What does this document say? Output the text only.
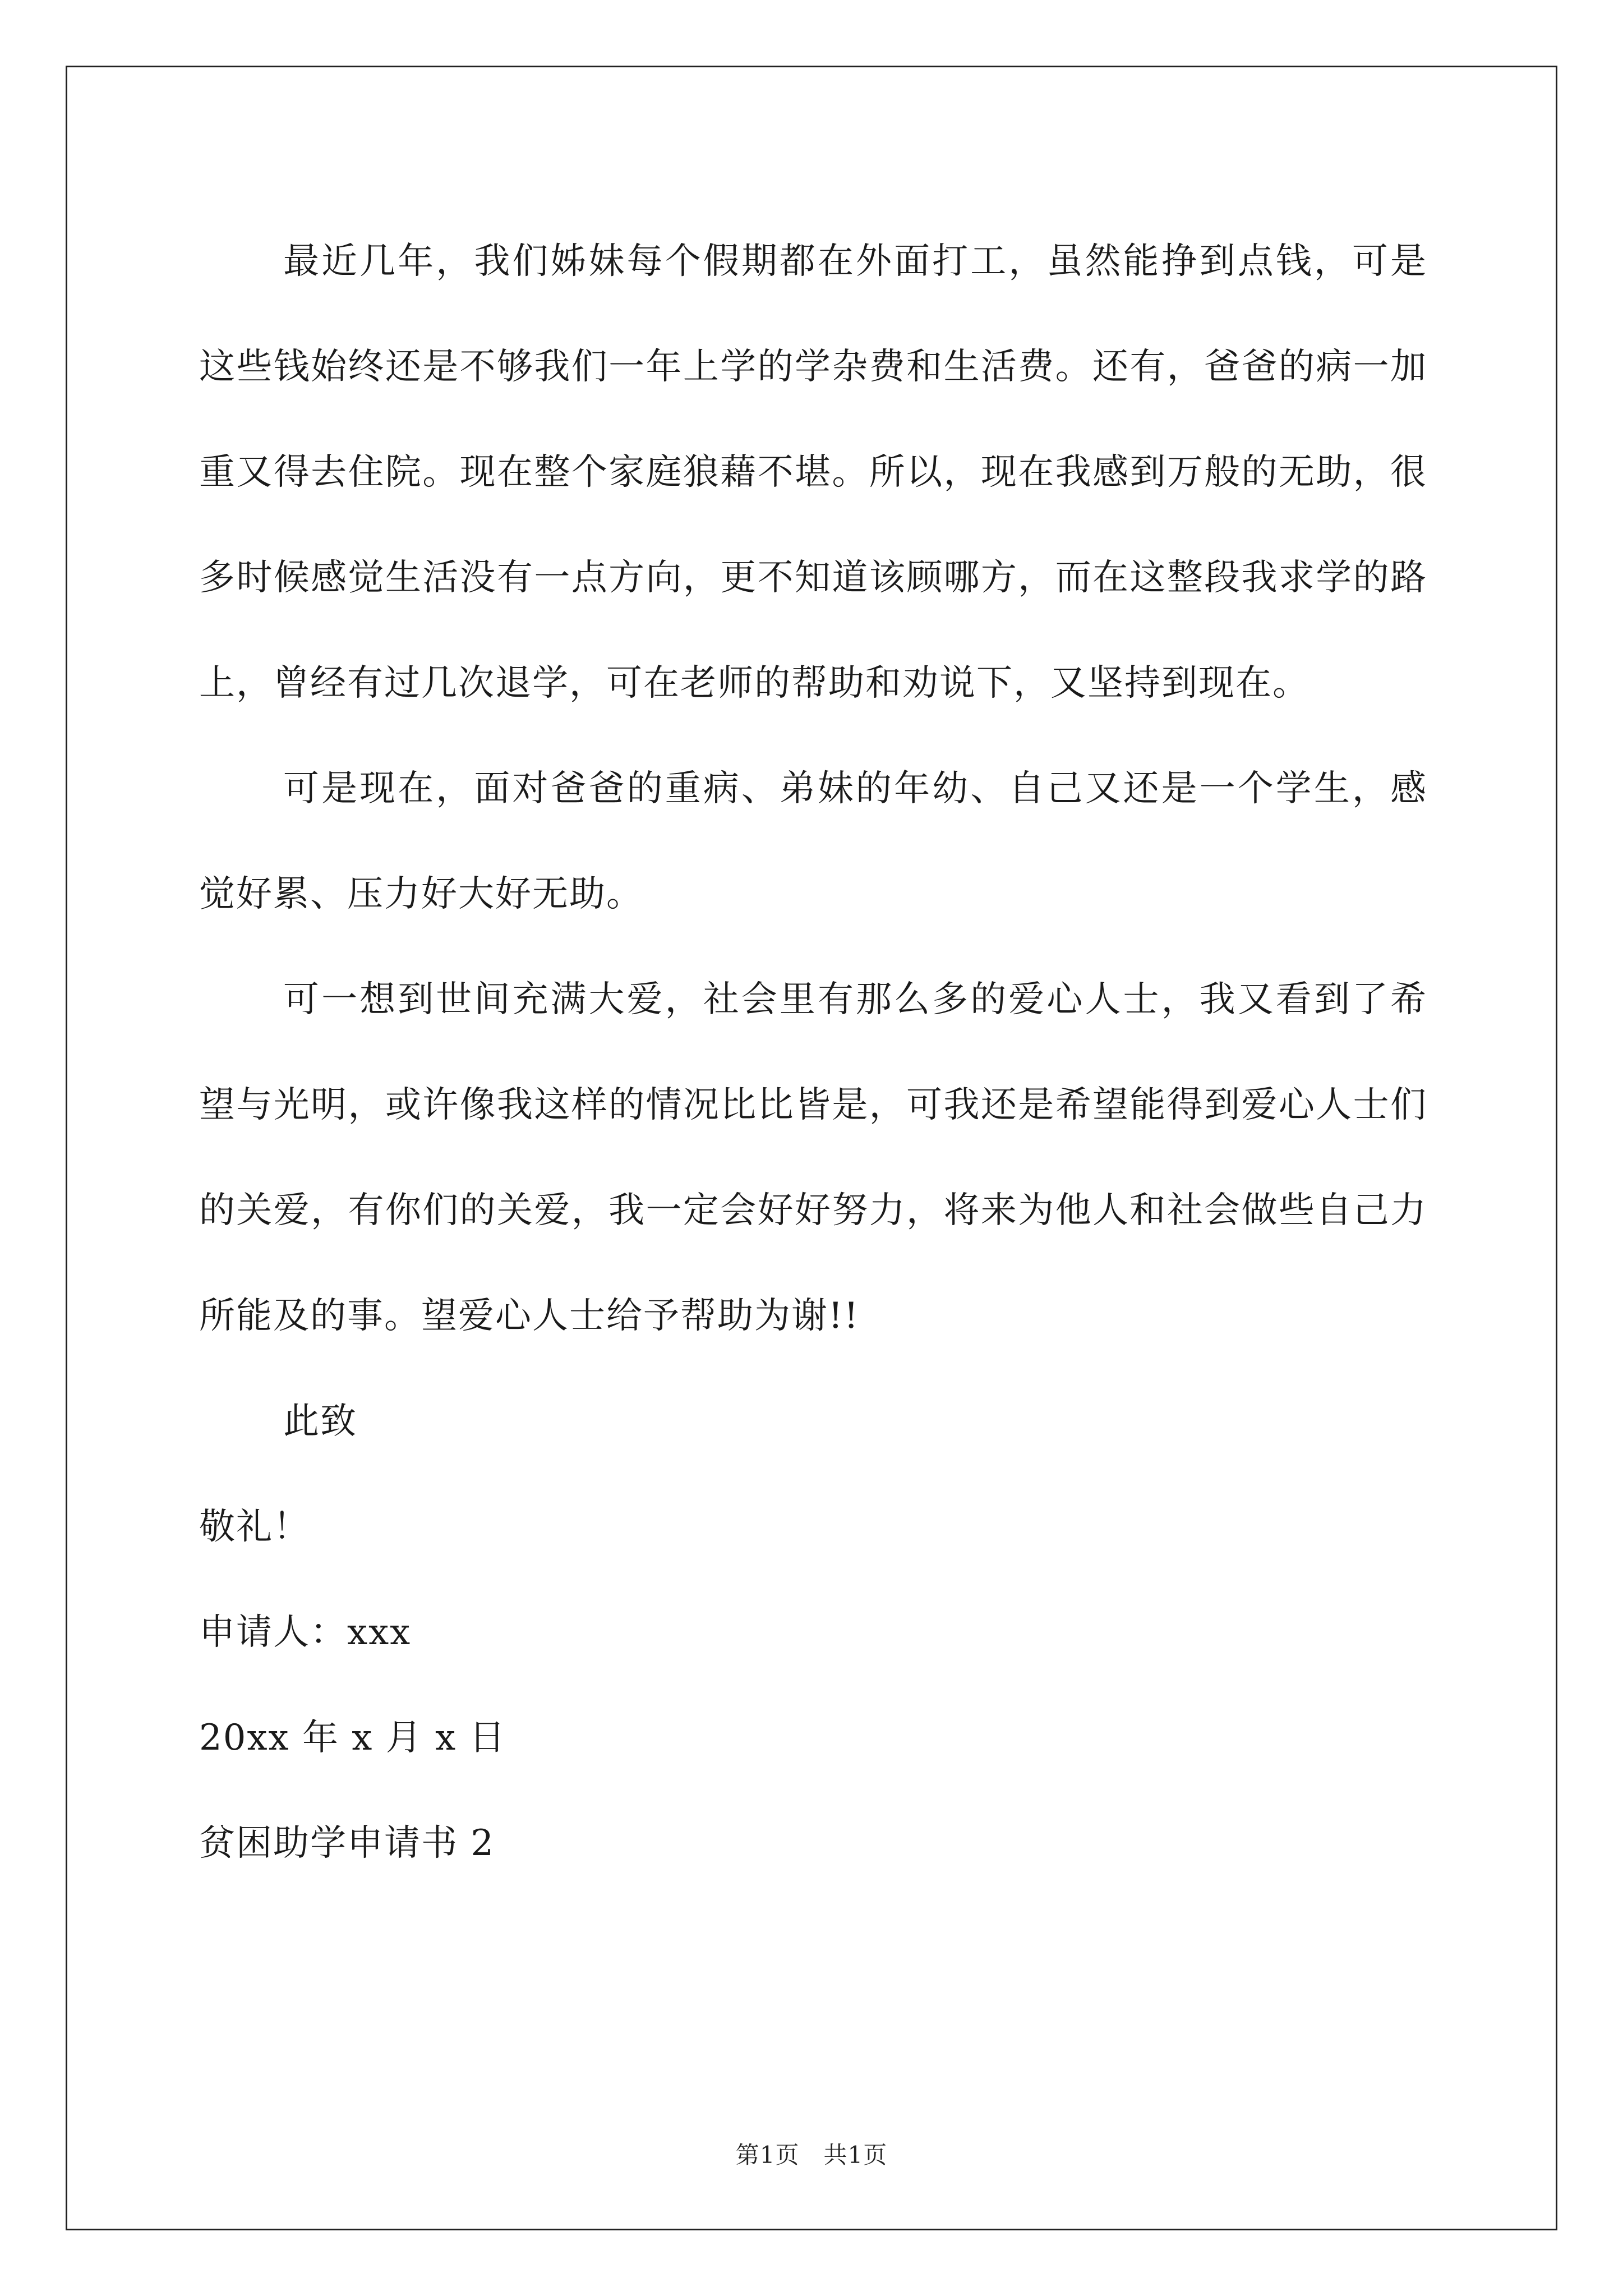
最近几年，我们姊妹每个假期都在外面打工，虽然能挣到点钱，可是这些钱始终还是不够我们一年上学的学杂费和生活费。还有，爸爸的病一加重又得去住院。现在整个家庭狼藉不堪。所以，现在我感到万般的无助，很多时候感觉生活没有一点方向，更不知道该顾哪方，而在这整段我求学的路上，曾经有过几次退学，可在老师的帮助和劝说下，又坚持到现在。

可是现在，面对爸爸的重病、弟妹的年幼、自己又还是一个学生，感觉好累、压力好大好无助。

可一想到世间充满大爱，社会里有那么多的爱心人士，我又看到了希望与光明，或许像我这样的情况比比皆是，可我还是希望能得到爱心人士们的关爱，有你们的关爱，我一定会好好努力，将来为他人和社会做些自己力所能及的事。望爱心人士给予帮助为谢!!

此致

敬礼！

申请人：xxx

20xx 年 x 月 x 日

贫困助学申请书 2

第1页　共1页
